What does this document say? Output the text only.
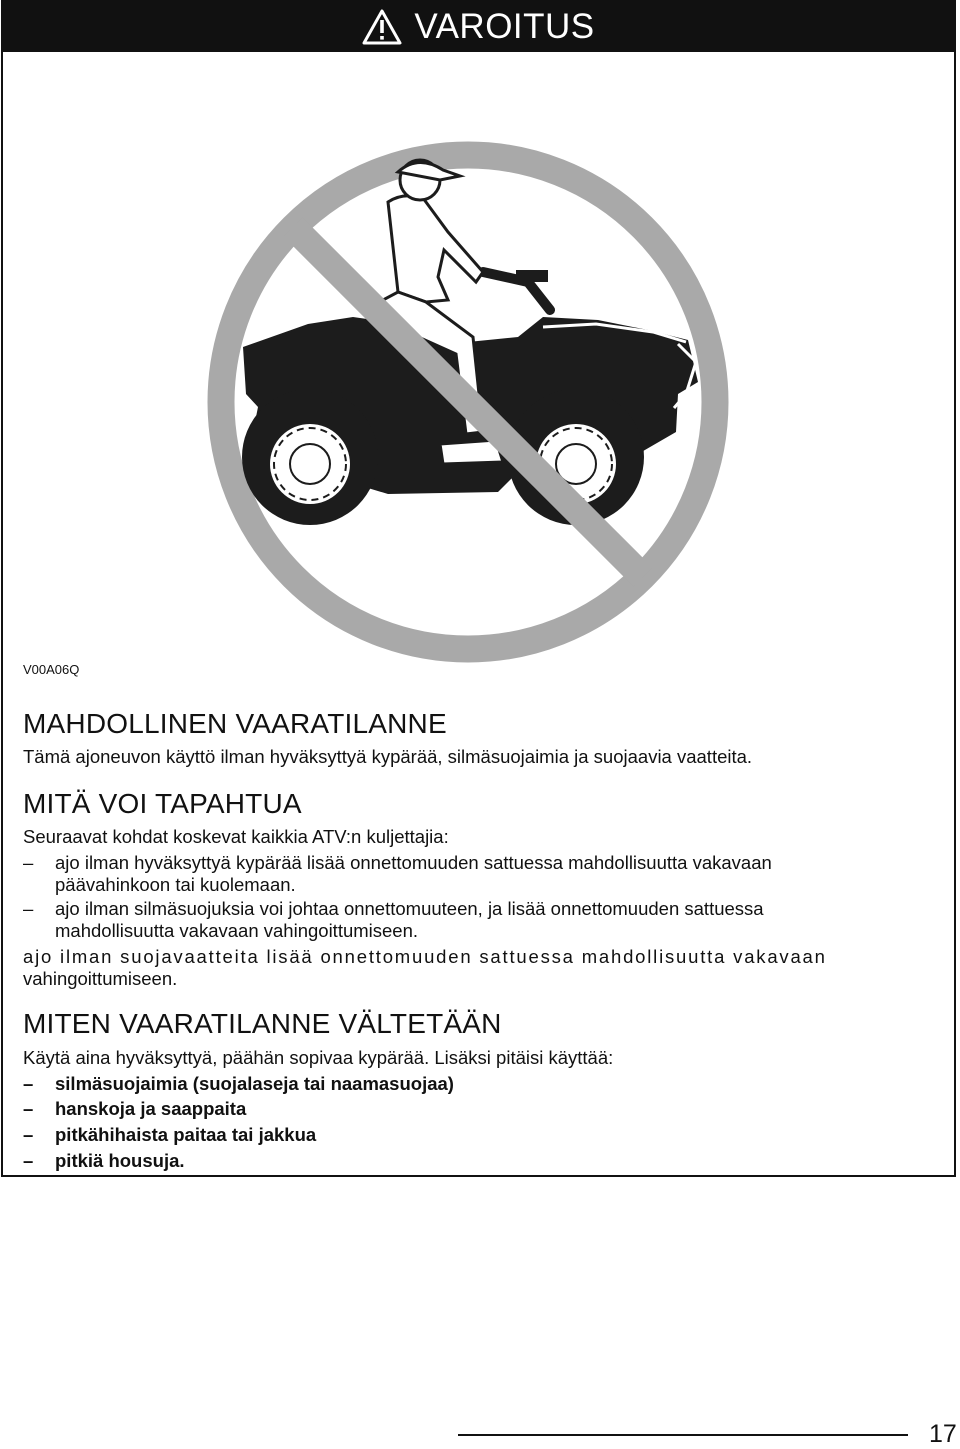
VAROITUS
V00A06Q
MAHDOLLINEN VAARATILANNE

Tämä ajoneuvon käyttö ilman hyväksyttyä kypärää, silmäsuojaimia ja suojaavia vaatteita.

MITÄ VOI TAPAHTUA

Seuraavat kohdat koskevat kaikkia ATV:n kuljettajia:

– ajo ilman hyväksyttyä kypärää lisää onnettomuuden sattuessa mahdollisuutta vakavaan
päävahinkoon tai kuolemaan.
– ajo ilman silmäsuojuksia voi johtaa onnettomuuteen, ja lisää onnettomuuden sattuessa
mahdollisuutta vakavaan vahingoittumiseen.

ajo ilman suojavaatteita lisää onnettomuuden sattuessa mahdollisuutta vakavaan
vahingoittumiseen.

MITEN VAARATILANNE VÄLTETÄÄN

Käytä aina hyväksyttyä, päähän sopivaa kypärää. Lisäksi pitäisi käyttää:

– silmäsuojaimia (suojalaseja tai naamasuojaa)
– hanskoja ja saappaita
– pitkähihaista paitaa tai jakkua
– pitkiä housuja.
17
